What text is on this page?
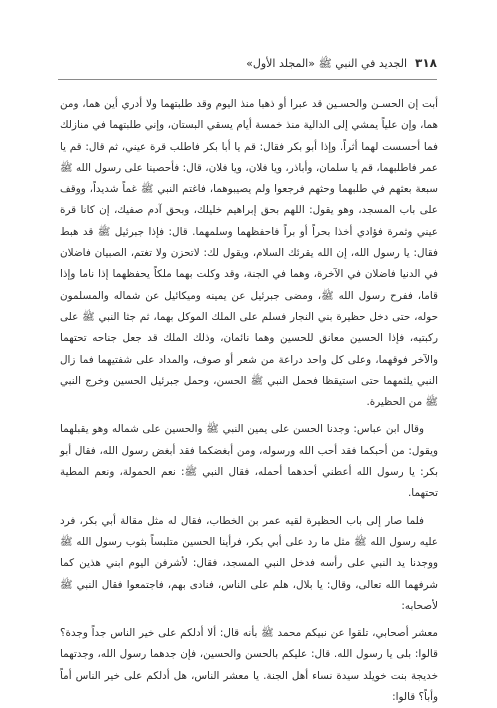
٣١٨
الجديد في النبي ﷺ «المجلد الأول»

أبت إن الحسـن والحسـين قد عبرا أو ذهبا منذ اليوم وقد طلبتهما ولا أدري أين هما، ومن هما، وإن علياً يمشي إلى الدالية منذ خمسة أيام يسقي البستان، وإني طلبتهما في منازلك فما أحسست لهما أثراً. وإذا أبو بكر فقال: قم يا أبا بكر فاطلب قرة عيني، ثم قال: قم يا عمر فاطلبهما، قم يا سلمان، وأباذر، ويا فلان، ويا فلان، قال: فأحصينا على رسول الله ﷺ سبعة بعثهم في طلبهما وحثهم فرجعوا ولم يصيبوهما، فاغتم النبي ﷺ غماً شديداً، ووقف على باب المسجد، وهو يقول: اللهم بحق إبراهيم خليلك، وبحق آدم صفيك، إن كانا قرة عيني وثمرة فؤادي أخذا بحراً أو براً فاحفظهما وسلمهما. قال: فإذا جبرئيل ﷺ قد هبط فقال: يا رسول الله، إن الله يقرئك السلام، ويقول لك: لاتحزن ولا تغتم، الصبيان فاضلان في الدنيا فاضلان في الآخرة، وهما في الجنة، وقد وكلت بهما ملكاً يحفظهما إذا ناما وإذا قاما، ففرح رسول الله ﷺ، ومضى جبرئيل عن يمينه وميكائيل عن شماله والمسلمون حوله، حتى دخل حظيرة بني النجار فسلم على الملك الموكل بهما، ثم جثا النبي ﷺ على ركبتيه، فإذا الحسين معانق للحسين وهما نائمان، وذلك الملك قد جعل جناحه تحتهما والآخر فوقهما، وعلى كل واحد دراعة من شعر أو صوف، والمداد على شفتيهما فما زال النبي يلثمهما حتى استيقظا فحمل النبي ﷺ الحسن، وحمل جبرئيل الحسين وخرج النبي ﷺ من الحظيرة.

وقال ابن عباس: وجدنا الحسن على يمين النبي ﷺ والحسين على شماله وهو يقبلهما ويقول: من أحبكما فقد أحب الله ورسوله، ومن أبغضكما فقد أبغض رسول الله، فقال أبو بكر: يا رسول الله أعطني أحدهما أحمله، فقال النبي ﷺ: نعم الحمولة، ونعم المطية تحتهما.

فلما صار إلى باب الحظيرة لقيه عمر بن الخطاب، فقال له مثل مقالة أبي بكر، فرد عليه رسول الله ﷺ مثل ما رد على أبي بكر، فرأينا الحسين متلبساً بثوب رسول الله ﷺ ووجدنا يد النبي على رأسه فدخل النبي المسجد، فقال: لأشرفن اليوم ابني هذين كما شرفهما الله تعالى، وقال: يا بلال، هلم على الناس، فنادى بهم، فاجتمعوا فقال النبي ﷺ لأصحابه:

معشر أصحابي، تلقوا عن نبيكم محمد ﷺ بأنه قال: ألا أدلكم على خير الناس جداً وجدة؟ قالوا: بلى يا رسول الله. قال: عليكم بالحسن والحسين، فإن جدهما رسول الله، وجدتهما خديجة بنت خويلد سيدة نساء أهل الجنة. يا معشر الناس، هل أدلكم على خير الناس أماً وأباً؟ قالوا:
